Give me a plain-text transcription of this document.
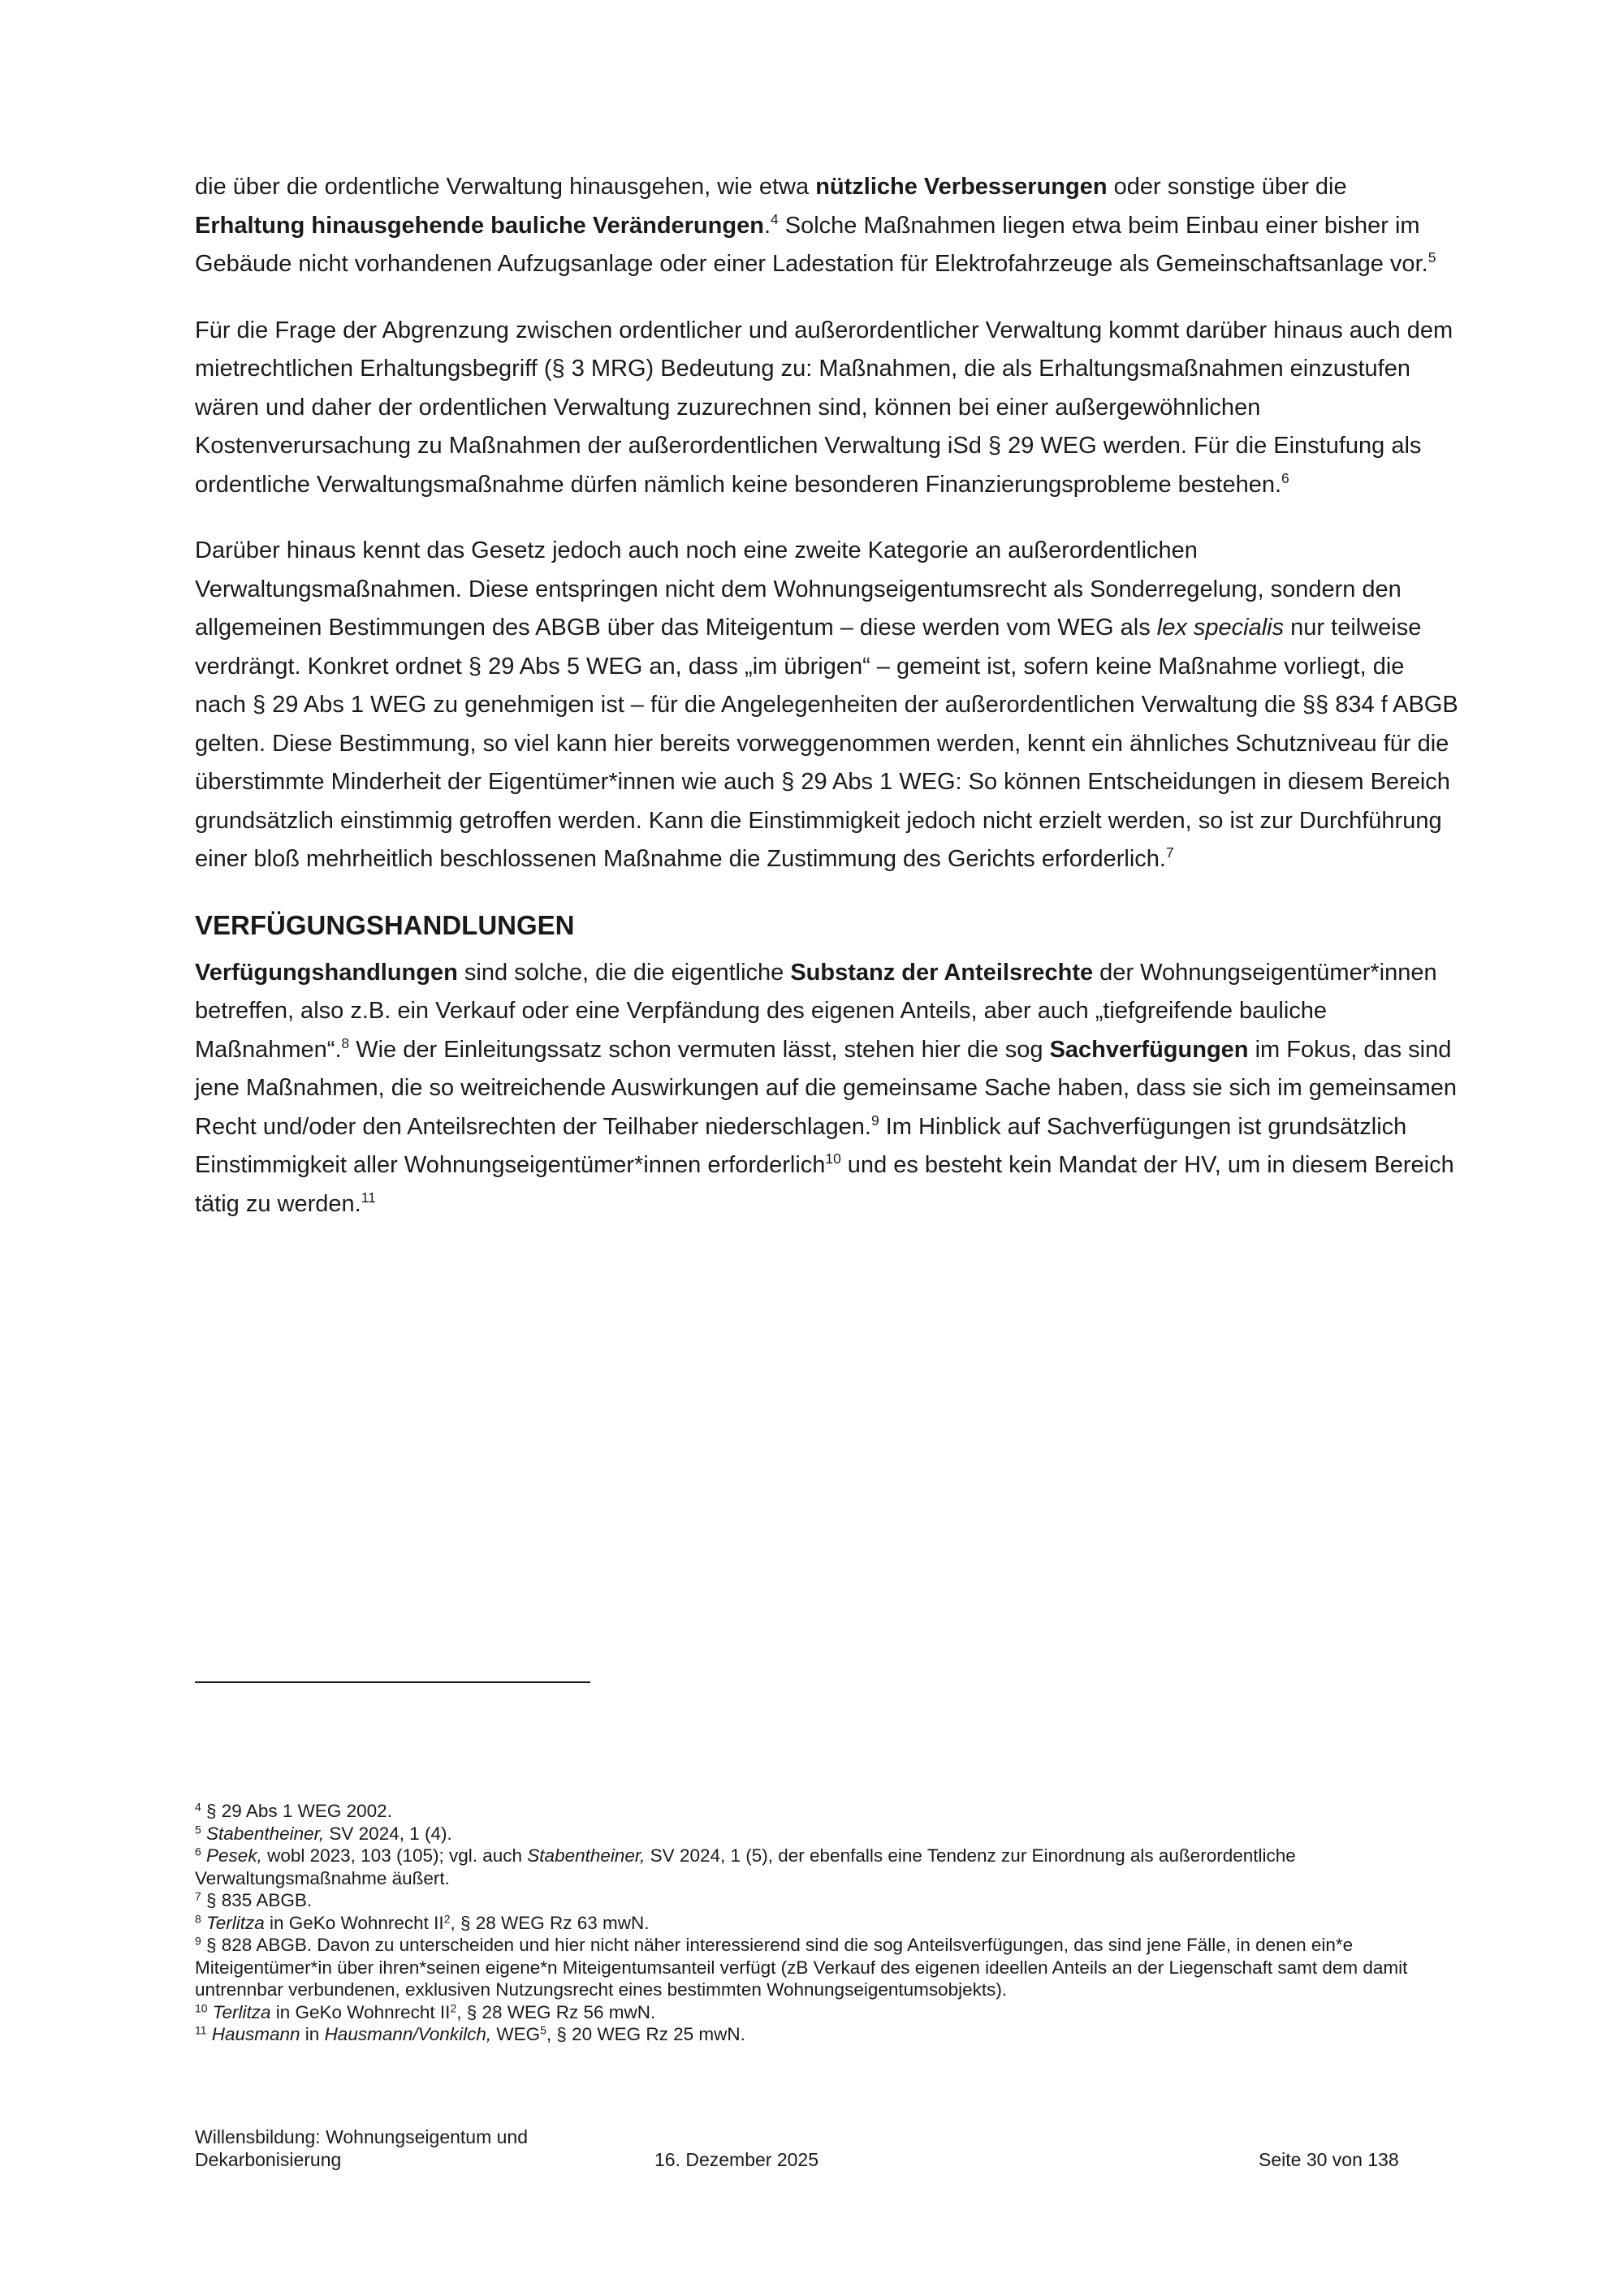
die über die ordentliche Verwaltung hinausgehen, wie etwa nützliche Verbesserungen oder sonstige über die Erhaltung hinausgehende bauliche Veränderungen.$^4$ Solche Maßnahmen liegen etwa beim Einbau einer bisher im Gebäude nicht vorhandenen Aufzugsanlage oder einer Ladestation für Elektrofahrzeuge als Gemeinschaftsanlage vor.$^5$

Für die Frage der Abgrenzung zwischen ordentlicher und außerordentlicher Verwaltung kommt darüber hinaus auch dem mietrechtlichen Erhaltungsbegriff (§ 3 MRG) Bedeutung zu: Maßnahmen, die als Erhaltungsmaßnahmen einzustufen wären und daher der ordentlichen Verwaltung zuzurechnen sind, können bei einer außergewöhnlichen Kostenverursachung zu Maßnahmen der außerordentlichen Verwaltung iSd § 29 WEG werden. Für die Einstufung als ordentliche Verwaltungsmaßnahme dürfen nämlich keine besonderen Finanzierungsprobleme bestehen.$^6$

Darüber hinaus kennt das Gesetz jedoch auch noch eine zweite Kategorie an außerordentlichen Verwaltungsmaßnahmen. Diese entspringen nicht dem Wohnungseigentumsrecht als Sonderregelung, sondern den allgemeinen Bestimmungen des ABGB über das Miteigentum – diese werden vom WEG als lex specialis nur teilweise verdrängt. Konkret ordnet § 29 Abs 5 WEG an, dass „im übrigen“ – gemeint ist, sofern keine Maßnahme vorliegt, die nach § 29 Abs 1 WEG zu genehmigen ist – für die Angelegenheiten der außerordentlichen Verwaltung die §§ 834 f ABGB gelten. Diese Bestimmung, so viel kann hier bereits vorweggenommen werden, kennt ein ähnliches Schutzniveau für die überstimmte Minderheit der Eigentümer*innen wie auch § 29 Abs 1 WEG: So können Entscheidungen in diesem Bereich grundsätzlich einstimmig getroffen werden. Kann die Einstimmigkeit jedoch nicht erzielt werden, so ist zur Durchführung einer bloß mehrheitlich beschlossenen Maßnahme die Zustimmung des Gerichts erforderlich.$^7$

VERFÜGUNGSHANDLUNGEN

Verfügungshandlungen sind solche, die die eigentliche Substanz der Anteilsrechte der Wohnungseigentümer*innen betreffen, also z.B. ein Verkauf oder eine Verpfändung des eigenen Anteils, aber auch „tiefgreifende bauliche Maßnahmen“.$^8$ Wie der Einleitungssatz schon vermuten lässt, stehen hier die sog Sachverfügungen im Fokus, das sind jene Maßnahmen, die so weitreichende Auswirkungen auf die gemeinsame Sache haben, dass sie sich im gemeinsamen Recht und/oder den Anteilsrechten der Teilhaber niederschlagen.$^9$ Im Hinblick auf Sachverfügungen ist grundsätzlich Einstimmigkeit aller Wohnungseigentümer*innen erforderlich$^{10}$ und es besteht kein Mandat der HV, um in diesem Bereich tätig zu werden.$^{11}$

$^4$ § 29 Abs 1 WEG 2002.

$^5$ Stabentheiner, SV 2024, 1 (4).

$^6$ Pesek, wobl 2023, 103 (105); vgl. auch Stabentheiner, SV 2024, 1 (5), der ebenfalls eine Tendenz zur Einordnung als außerordentliche Verwaltungsmaßnahme äußert.

$^7$ § 835 ABGB.

$^8$ Terlitza in GeKo Wohnrecht $II^2$, § 28 WEG Rz 63 mwN.

$^9$ § 828 ABGB. Davon zu unterscheiden und hier nicht näher interessierend sind die sog Anteilsverfügungen, das sind jene Fälle, in denen ein*e Miteigentümer*in über ihren*seinen eigene*n Miteigentumsanteil verfügt (zB Verkauf des eigenen ideellen Anteils an der Liegenschaft samt dem damit untrennbar verbundenen, exklusiven Nutzungsrecht eines bestimmten Wohnungseigentumsobjekts).

$^{10}$ Terlitza in GeKo Wohnrecht $II^2$, § 28 WEG Rz 56 mwN.

$^{11}$ Hausmann in Hausmann/Vonkilch, WEG$^5$, § 20 WEG Rz 25 mwN.

Willensbildung: Wohnungseigentum und
Dekarbonisierung	16. Dezember 2025	Seite 30 von 138
